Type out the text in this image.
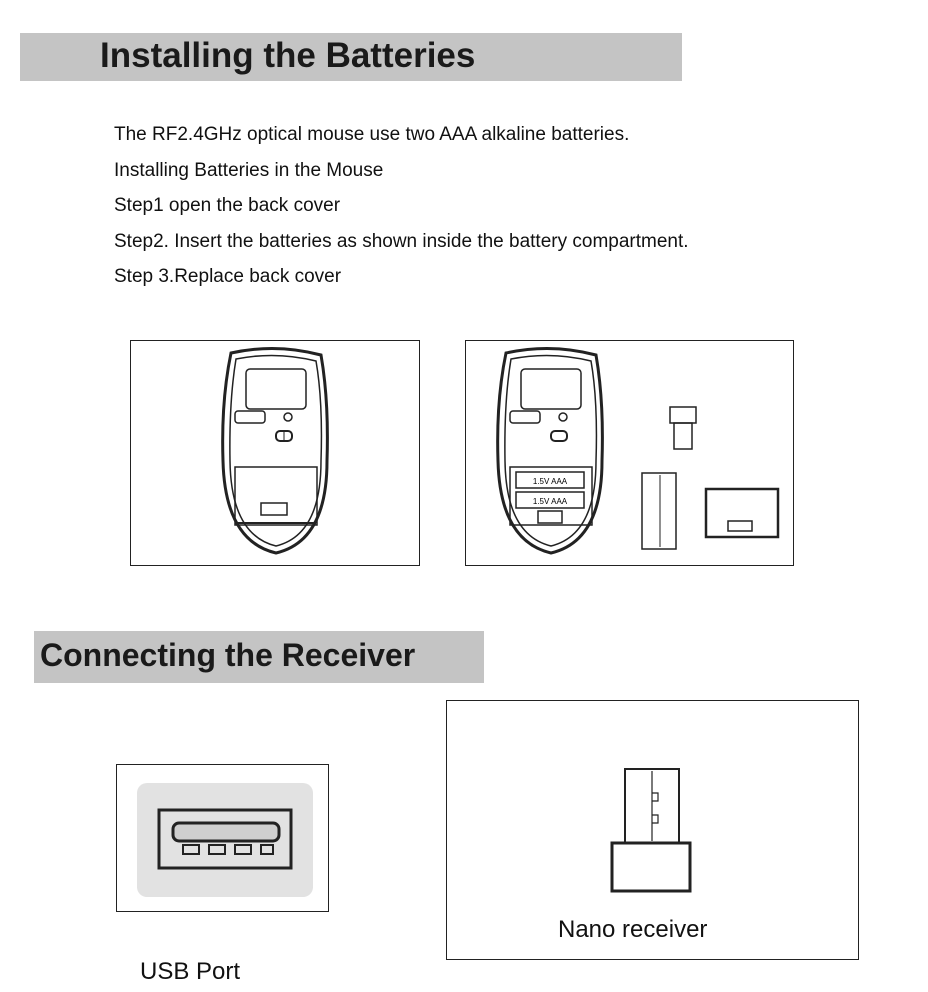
Installing the Batteries

The RF2.4GHz optical mouse use two AAA alkaline batteries.

Installing Batteries in the Mouse

Step1 open the back cover

Step2. Insert the batteries as shown inside the battery compartment.

Step 3.Replace back cover

1.5V AAA
1.5V AAA
Connecting the Receiver
Nano receiver
USB Port
